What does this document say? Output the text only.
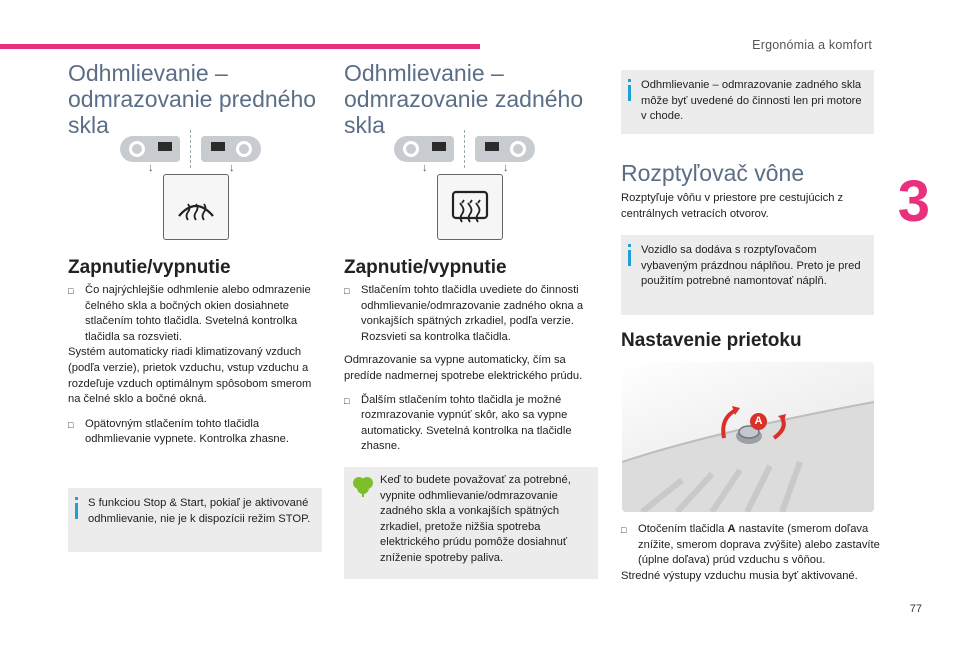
Ergonómia a komfort
3
77
Odhmlievanie –
odmrazovanie predného skla
↓	↓
Zapnutie/vypnutie
□	Čo najrýchlejšie odhmlenie alebo odmrazenie čelného skla a bočných okien dosiahnete stlačením tohto tlačidla. Svetelná kontrolka tlačidla sa rozsvieti.
Systém automaticky riadi klimatizovaný vzduch (podľa verzie), prietok vzduchu, vstup vzduchu a rozdeľuje vzduch optimálnym spôsobom smerom na čelné sklo a bočné okná.
□	Opätovným stlačením tohto tlačidla odhmlievanie vypnete. Kontrolka zhasne.
S funkciou Stop & Start, pokiaľ je aktivované odhmlievanie, nie je k dispozícii režim STOP.
Odhmlievanie –
odmrazovanie zadného skla
↓	↓
Zapnutie/vypnutie
□	Stlačením tohto tlačidla uvediete do činnosti odhmlievanie/odmrazovanie zadného okna a vonkajších spätných zrkadiel, podľa verzie. Rozsvieti sa kontrolka tlačidla.
Odmrazovanie sa vypne automaticky, čím sa predíde nadmernej spotrebe elektrického prúdu.
□	Ďalším stlačením tohto tlačidla je možné rozmrazovanie vypnúť skôr, ako sa vypne automaticky. Svetelná kontrolka na tlačidle zhasne.
Keď to budete považovať za potrebné, vypnite odhmlievanie/odmrazovanie zadného skla a vonkajších spätných zrkadiel, pretože nižšia spotreba elektrického prúdu pomôže dosiahnuť zníženie spotreby paliva.
Odhmlievanie – odmrazovanie zadného skla môže byť uvedené do činnosti len pri motore v chode.
Rozptyľovač vône
Rozptyľuje vôňu v priestore pre cestujúcich z centrálnych vetracích otvorov.
Vozidlo sa dodáva s rozptyľovačom vybaveným prázdnou náplňou. Preto je pred použitím potrebné namontovať náplň.
Nastavenie prietoku
A
□	Otočením tlačidla A nastavíte (smerom doľava znížite, smerom doprava zvýšite) alebo zastavíte (úplne doľava) prúd vzduchu s vôňou.
Stredné výstupy vzduchu musia byť aktivované.
